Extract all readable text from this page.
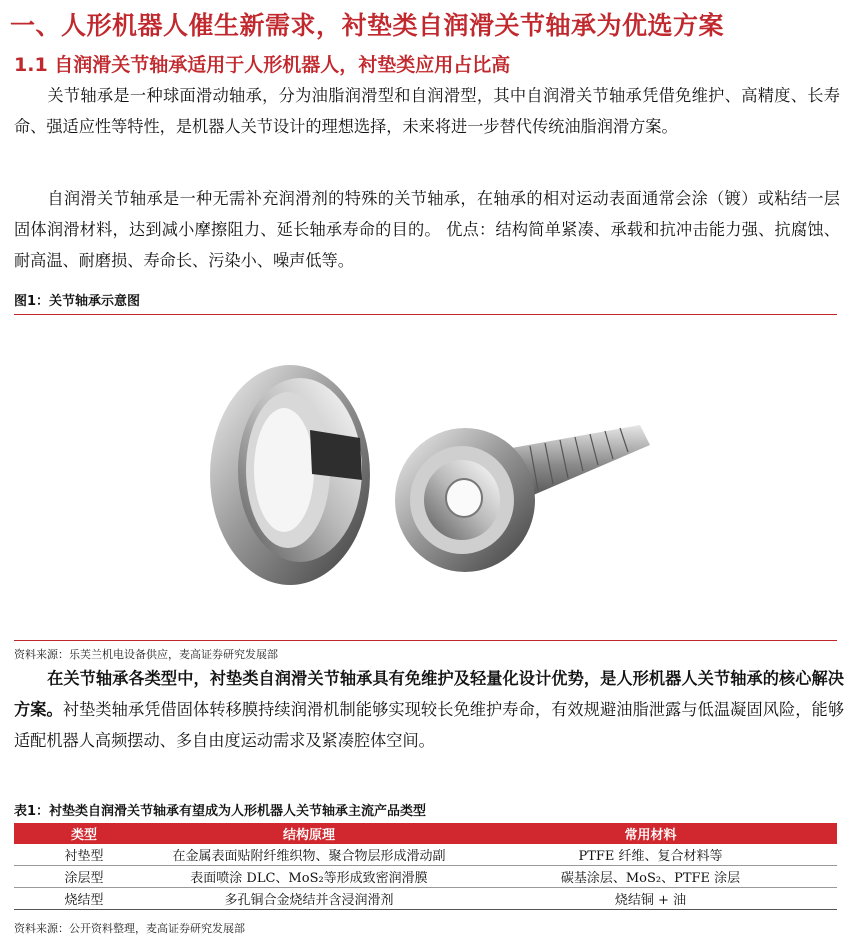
一、人形机器人催生新需求，衬垫类自润滑关节轴承为优选方案
1.1 自润滑关节轴承适用于人形机器人，衬垫类应用占比高
关节轴承是一种球面滑动轴承，分为油脂润滑型和自润滑型，其中自润滑关节轴承凭借免维护、高精度、长寿命、强适应性等特性，是机器人关节设计的理想选择，未来将进一步替代传统油脂润滑方案。
自润滑关节轴承是一种无需补充润滑剂的特殊的关节轴承，在轴承的相对运动表面通常会涂（镀）或粘结一层固体润滑材料，达到减小摩擦阻力、延长轴承寿命的目的。 优点：结构简单紧凑、承载和抗冲击能力强、抗腐蚀、耐高温、耐磨损、寿命长、污染小、噪声低等。
图1：关节轴承示意图
资料来源：乐芙兰机电设备供应，麦高证券研究发展部
在关节轴承各类型中，衬垫类自润滑关节轴承具有免维护及轻量化设计优势，是人形机器人关节轴承的核心解决方案。衬垫类轴承凭借固体转移膜持续润滑机制能够实现较长免维护寿命，有效规避油脂泄露与低温凝固风险，能够适配机器人高频摆动、多自由度运动需求及紧凑腔体空间。
表1：衬垫类自润滑关节轴承有望成为人形机器人关节轴承主流产品类型
类型	结构原理	常用材料
衬垫型	在金属表面贴附纤维织物、聚合物层形成滑动副	PTFE 纤维、复合材料等
涂层型	表面喷涂 DLC、MoS₂等形成致密润滑膜	碳基涂层、MoS₂、PTFE 涂层
烧结型	多孔铜合金烧结并含浸润滑剂	烧结铜 + 油
资料来源：公开资料整理，麦高证券研究发展部
